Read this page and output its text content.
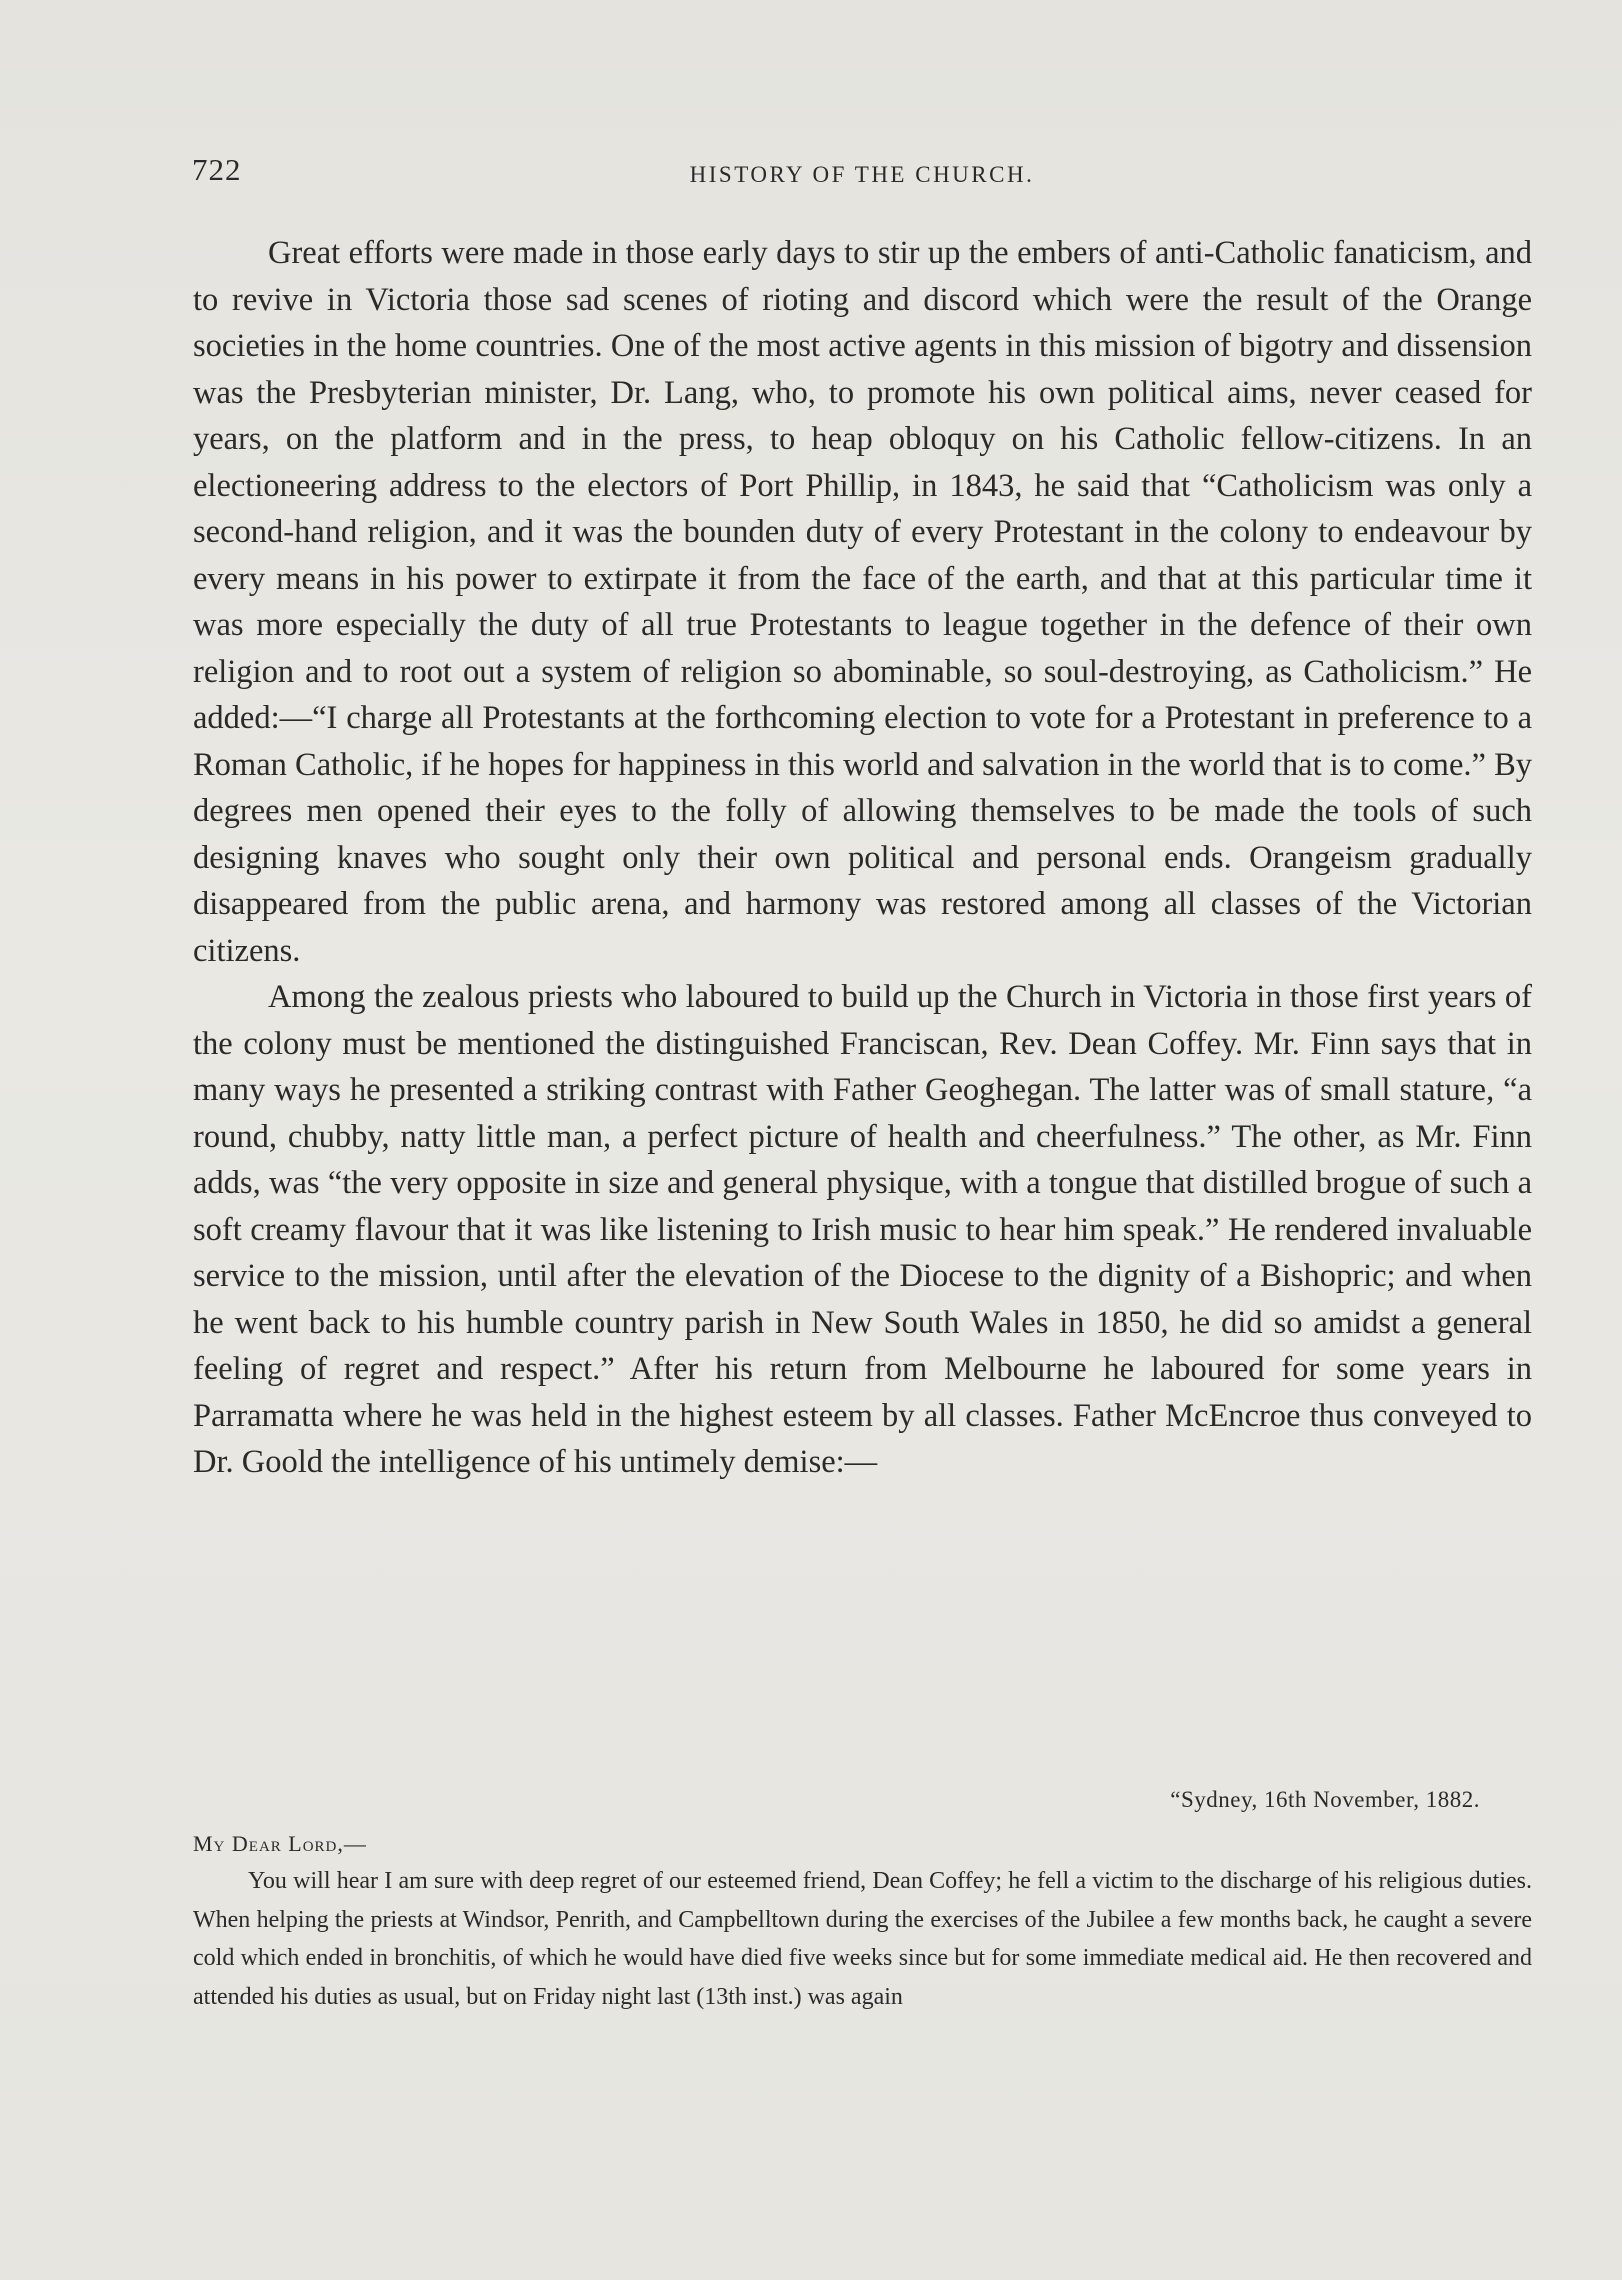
722	HISTORY OF THE CHURCH.

Great efforts were made in those early days to stir up the embers of anti-Catholic fanaticism, and to revive in Victoria those sad scenes of rioting and discord which were the result of the Orange societies in the home countries. One of the most active agents in this mission of bigotry and dissension was the Presbyterian minister, Dr. Lang, who, to promote his own political aims, never ceased for years, on the platform and in the press, to heap obloquy on his Catholic fellow-citizens. In an electioneering address to the electors of Port Phillip, in 1843, he said that “Catholicism was only a second-hand religion, and it was the bounden duty of every Protestant in the colony to endeavour by every means in his power to extirpate it from the face of the earth, and that at this particular time it was more especially the duty of all true Protestants to league together in the defence of their own religion and to root out a system of religion so abominable, so soul-destroying, as Catholicism.” He added:—“I charge all Protestants at the forthcoming election to vote for a Protestant in preference to a Roman Catholic, if he hopes for happiness in this world and salvation in the world that is to come.” By degrees men opened their eyes to the folly of allowing themselves to be made the tools of such designing knaves who sought only their own political and personal ends. Orangeism gradually disappeared from the public arena, and harmony was restored among all classes of the Victorian citizens.

Among the zealous priests who laboured to build up the Church in Victoria in those first years of the colony must be mentioned the distinguished Franciscan, Rev. Dean Coffey. Mr. Finn says that in many ways he presented a striking contrast with Father Geoghegan. The latter was of small stature, “a round, chubby, natty little man, a perfect picture of health and cheerfulness.” The other, as Mr. Finn adds, was “the very opposite in size and general physique, with a tongue that distilled brogue of such a soft creamy flavour that it was like listening to Irish music to hear him speak.” He rendered invaluable service to the mission, until after the elevation of the Diocese to the dignity of a Bishopric; and when he went back to his humble country parish in New South Wales in 1850, he did so amidst a general feeling of regret and respect.” After his return from Melbourne he laboured for some years in Parramatta where he was held in the highest esteem by all classes. Father McEncroe thus conveyed to Dr. Goold the intelligence of his untimely demise:—

“Sydney, 16th November, 1882.
My Dear Lord,—

You will hear I am sure with deep regret of our esteemed friend, Dean Coffey; he fell a victim to the discharge of his religious duties. When helping the priests at Windsor, Penrith, and Campbelltown during the exercises of the Jubilee a few months back, he caught a severe cold which ended in bronchitis, of which he would have died five weeks since but for some immediate medical aid. He then recovered and attended his duties as usual, but on Friday night last (13th inst.) was again
